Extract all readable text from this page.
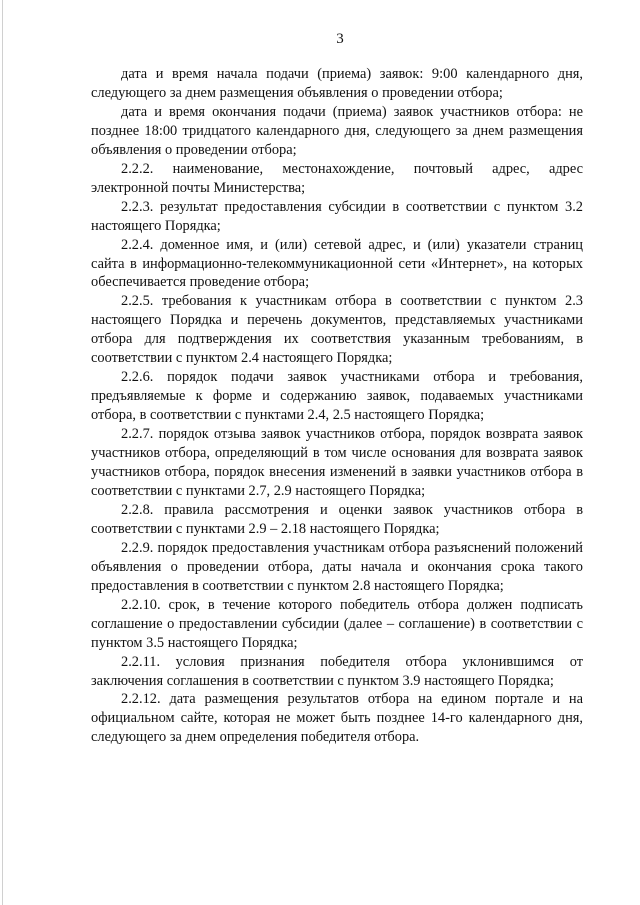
3

дата и время начала подачи (приема) заявок: 9:00 календарного дня, следующего за днем размещения объявления о проведении отбора;

дата и время окончания подачи (приема) заявок участников отбора: не позднее 18:00 тридцатого календарного дня, следующего за днем размещения объявления о проведении отбора;

2.2.2. наименование, местонахождение, почтовый адрес, адрес электронной почты Министерства;

2.2.3. результат предоставления субсидии в соответствии с пунктом 3.2 настоящего Порядка;

2.2.4. доменное имя, и (или) сетевой адрес, и (или) указатели страниц сайта в информационно-телекоммуникационной сети «Интернет», на которых обеспечивается проведение отбора;

2.2.5. требования к участникам отбора в соответствии с пунктом 2.3 настоящего Порядка и перечень документов, представляемых участниками отбора для подтверждения их соответствия указанным требованиям, в соответствии с пунктом 2.4 настоящего Порядка;

2.2.6. порядок подачи заявок участниками отбора и требования, предъявляемые к форме и содержанию заявок, подаваемых участниками отбора, в соответствии с пунктами 2.4, 2.5 настоящего Порядка;

2.2.7. порядок отзыва заявок участников отбора, порядок возврата заявок участников отбора, определяющий в том числе основания для возврата заявок участников отбора, порядок внесения изменений в заявки участников отбора в соответствии с пунктами 2.7, 2.9 настоящего Порядка;

2.2.8. правила рассмотрения и оценки заявок участников отбора в соответствии с пунктами 2.9 – 2.18 настоящего Порядка;

2.2.9. порядок предоставления участникам отбора разъяснений положений объявления о проведении отбора, даты начала и окончания срока такого предоставления в соответствии с пунктом 2.8 настоящего Порядка;

2.2.10. срок, в течение которого победитель отбора должен подписать соглашение о предоставлении субсидии (далее – соглашение) в соответствии с пунктом 3.5 настоящего Порядка;

2.2.11. условия признания победителя отбора уклонившимся от заключения соглашения в соответствии с пунктом 3.9 настоящего Порядка;

2.2.12. дата размещения результатов отбора на едином портале и на официальном сайте, которая не может быть позднее 14-го календарного дня, следующего за днем определения победителя отбора.
